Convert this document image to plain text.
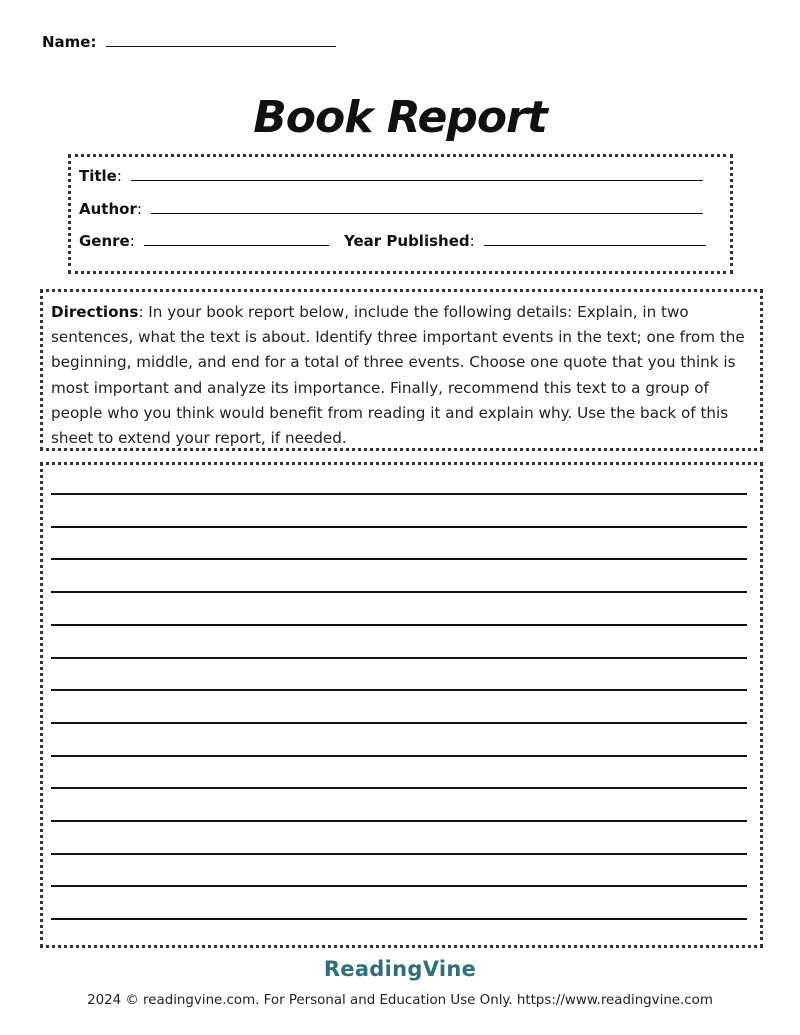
Name:
Book Report
Title:
Author:
Genre:	Year Published:
Directions: In your book report below, include the following details: Explain, in two sentences, what the text is about. Identify three important events in the text; one from the beginning, middle, and end for a total of three events. Choose one quote that you think is most important and analyze its importance. Finally, recommend this text to a group of people who you think would benefit from reading it and explain why. Use the back of this sheet to extend your report, if needed.
ReadingVine
2024 © readingvine.com. For Personal and Education Use Only. https://www.readingvine.com
